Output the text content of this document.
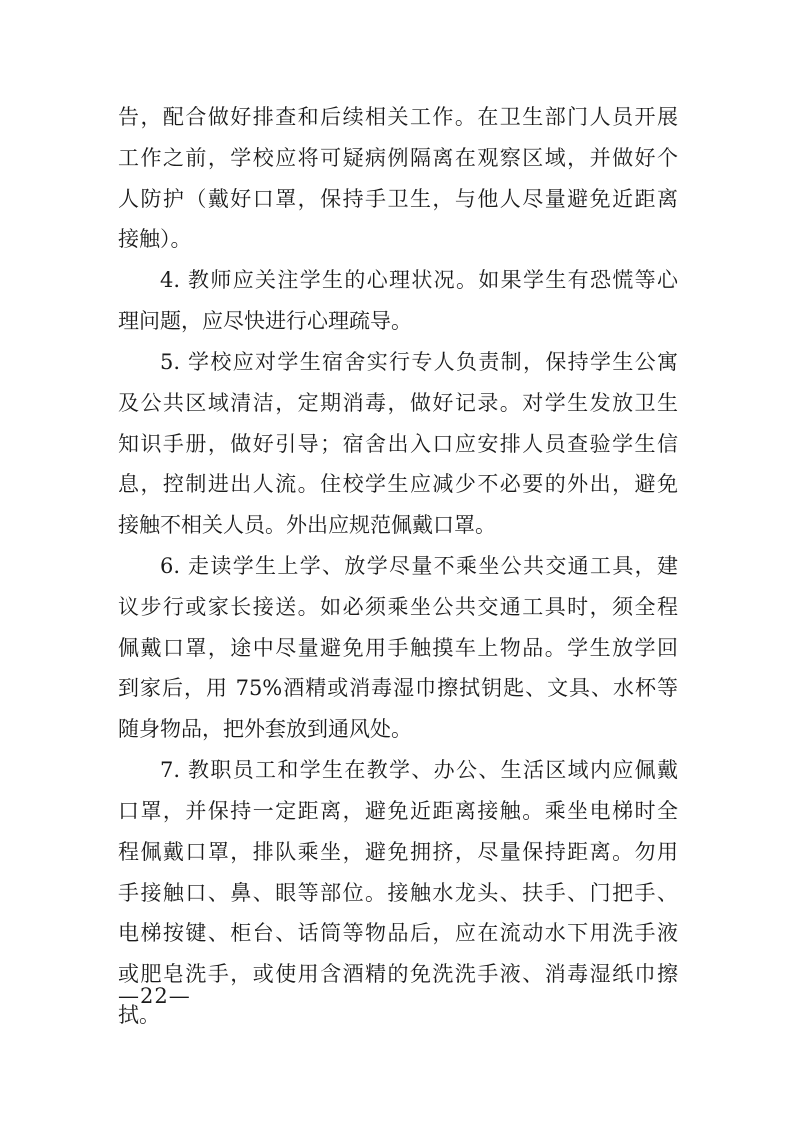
告，配合做好排查和后续相关工作。在卫生部门人员开展
工作之前，学校应将可疑病例隔离在观察区域，并做好个
人防护（戴好口罩，保持手卫生，与他人尽量避免近距离
接触）。
4. 教师应关注学生的心理状况。如果学生有恐慌等心
理问题，应尽快进行心理疏导。
5. 学校应对学生宿舍实行专人负责制，保持学生公寓
及公共区域清洁，定期消毒，做好记录。对学生发放卫生
知识手册，做好引导；宿舍出入口应安排人员查验学生信
息，控制进出人流。住校学生应减少不必要的外出，避免
接触不相关人员。外出应规范佩戴口罩。
6. 走读学生上学、放学尽量不乘坐公共交通工具，建
议步行或家长接送。如必须乘坐公共交通工具时，须全程
佩戴口罩，途中尽量避免用手触摸车上物品。学生放学回
到家后，用 75%酒精或消毒湿巾擦拭钥匙、文具、水杯等
随身物品，把外套放到通风处。
7. 教职员工和学生在教学、办公、生活区域内应佩戴
口罩，并保持一定距离，避免近距离接触。乘坐电梯时全
程佩戴口罩，排队乘坐，避免拥挤，尽量保持距离。勿用
手接触口、鼻、眼等部位。接触水龙头、扶手、门把手、
电梯按键、柜台、话筒等物品后，应在流动水下用洗手液
或肥皂洗手，或使用含酒精的免洗洗手液、消毒湿纸巾擦
拭。
—22—
